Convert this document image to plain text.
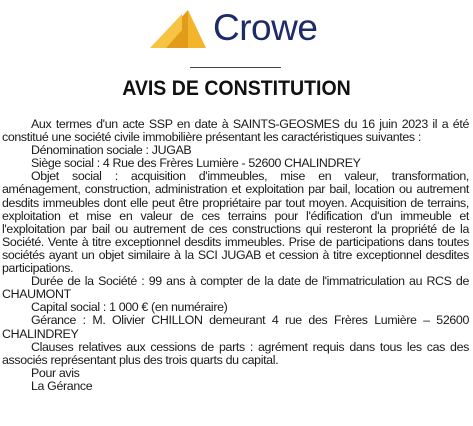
Crowe
AVIS DE CONSTITUTION

Aux termes d'un acte SSP en date à SAINTS-GEOSMES du 16 juin 2023 il a été constitué une société civile immobilière présentant les caractéristiques suivantes :

Dénomination sociale : JUGAB

Siège social : 4 Rue des Frères Lumière - 52600 CHALINDREY

Objet social : acquisition d'immeubles, mise en valeur, transformation, aménagement, construction, administration et exploitation par bail, location ou autrement desdits immeubles dont elle peut être propriétaire par tout moyen. Acquisition de terrains, exploitation et mise en valeur de ces terrains pour l'édification d'un immeuble et l'exploitation par bail ou autrement de ces constructions qui resteront la propriété de la Société. Vente à titre exceptionnel desdits immeubles. Prise de participations dans toutes sociétés ayant un objet similaire à la SCI JUGAB et cession à titre exceptionnel desdites participations.

Durée de la Société : 99 ans à compter de la date de l'immatriculation au RCS de CHAUMONT

Capital social : 1 000 € (en numéraire)

Gérance : M. Olivier CHILLON demeurant 4 rue des Frères Lumière – 52600 CHALINDREY

Clauses relatives aux cessions de parts : agrément requis dans tous les cas des associés représentant plus des trois quarts du capital.

Pour avis

La Gérance
